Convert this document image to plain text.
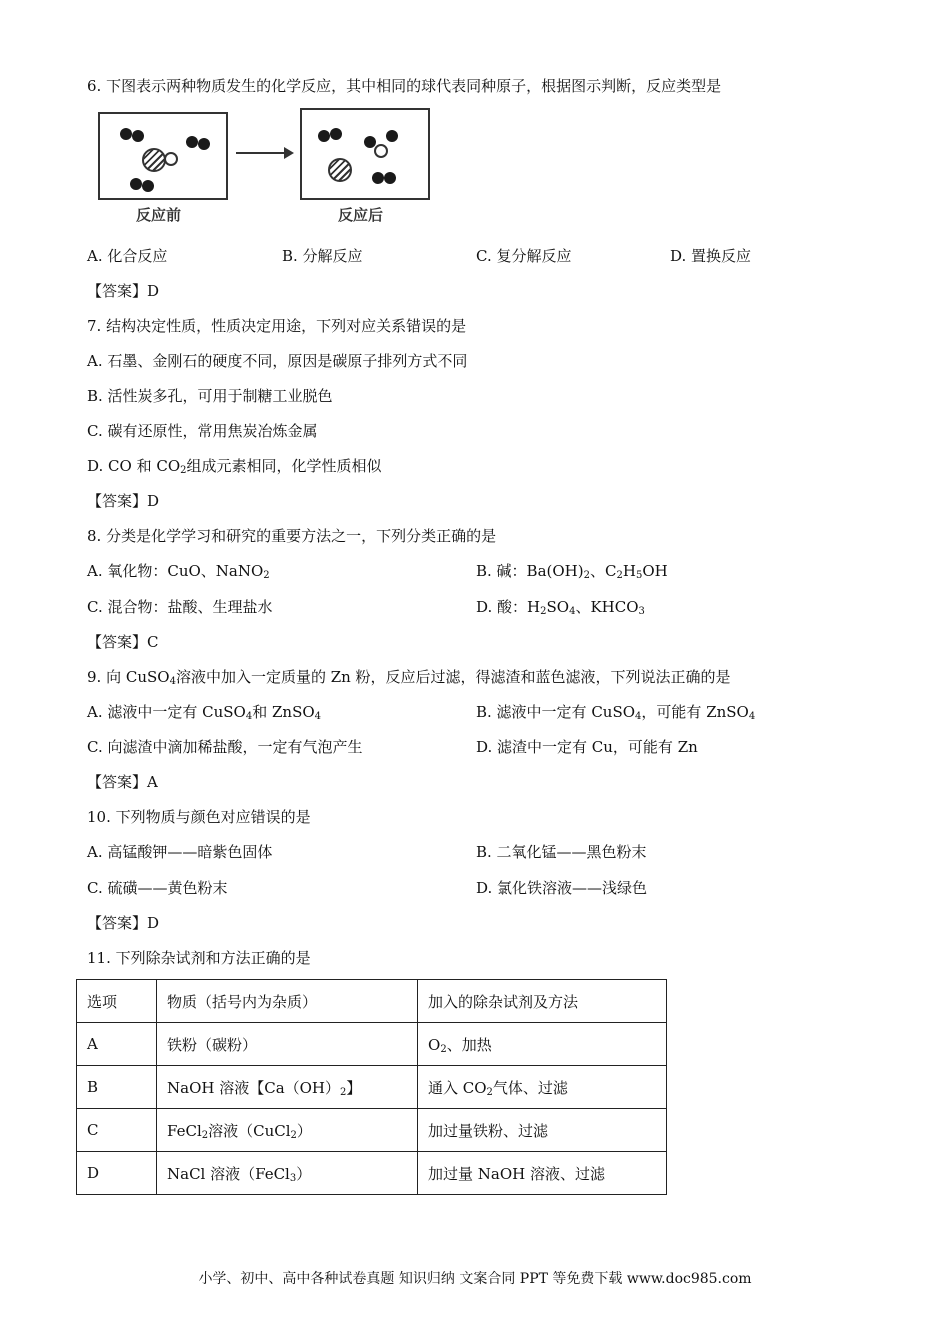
6. 下图表示两种物质发生的化学反应，其中相同的球代表同种原子，根据图示判断，反应类型是
反应前	反应后
A. 化合反应	B. 分解反应	C. 复分解反应	D. 置换反应
【答案】D
7. 结构决定性质，性质决定用途，下列对应关系错误的是
A. 石墨、金刚石的硬度不同，原因是碳原子排列方式不同
B. 活性炭多孔，可用于制糖工业脱色
C. 碳有还原性，常用焦炭冶炼金属
D. CO 和 $CO_2$组成元素相同，化学性质相似
【答案】D
8. 分类是化学学习和研究的重要方法之一，下列分类正确的是
A. 氧化物：CuO、NaNO$_2$	B. 碱：$Ba(OH)_2$、$C_2H_5OH$
C. 混合物：盐酸、生理盐水	D. 酸：$H_2SO_4$、$KHCO_3$
【答案】C
9. 向 CuSO$_4$溶液中加入一定质量的 Zn 粉，反应后过滤，得滤渣和蓝色滤液，下列说法正确的是
A. 滤液中一定有 CuSO$_4$和 ZnSO$_4$	B. 滤液中一定有 CuSO$_4$，可能有 ZnSO$_4$
C. 向滤渣中滴加稀盐酸，一定有气泡产生	D. 滤渣中一定有 Cu，可能有 Zn
【答案】A
10. 下列物质与颜色对应错误的是
A. 高锰酸钾——暗紫色固体	B. 二氧化锰——黑色粉末
C. 硫磺——黄色粉末	D. 氯化铁溶液——浅绿色
【答案】D
11. 下列除杂试剂和方法正确的是
选项	物质（括号内为杂质）	加入的除杂试剂及方法
A	铁粉（碳粉）	$O_2$、加热
B	NaOH 溶液【$Ca(OH)_2$】	通入 $CO_2$气体、过滤
C	FeCl$_2$溶液（CuCl$_2$）	加过量铁粉、过滤
D	NaCl 溶液（FeCl$_3$）	加过量 NaOH 溶液、过滤
小学、初中、高中各种试卷真题 知识归纳 文案合同 PPT 等免费下载 www.doc985.com
